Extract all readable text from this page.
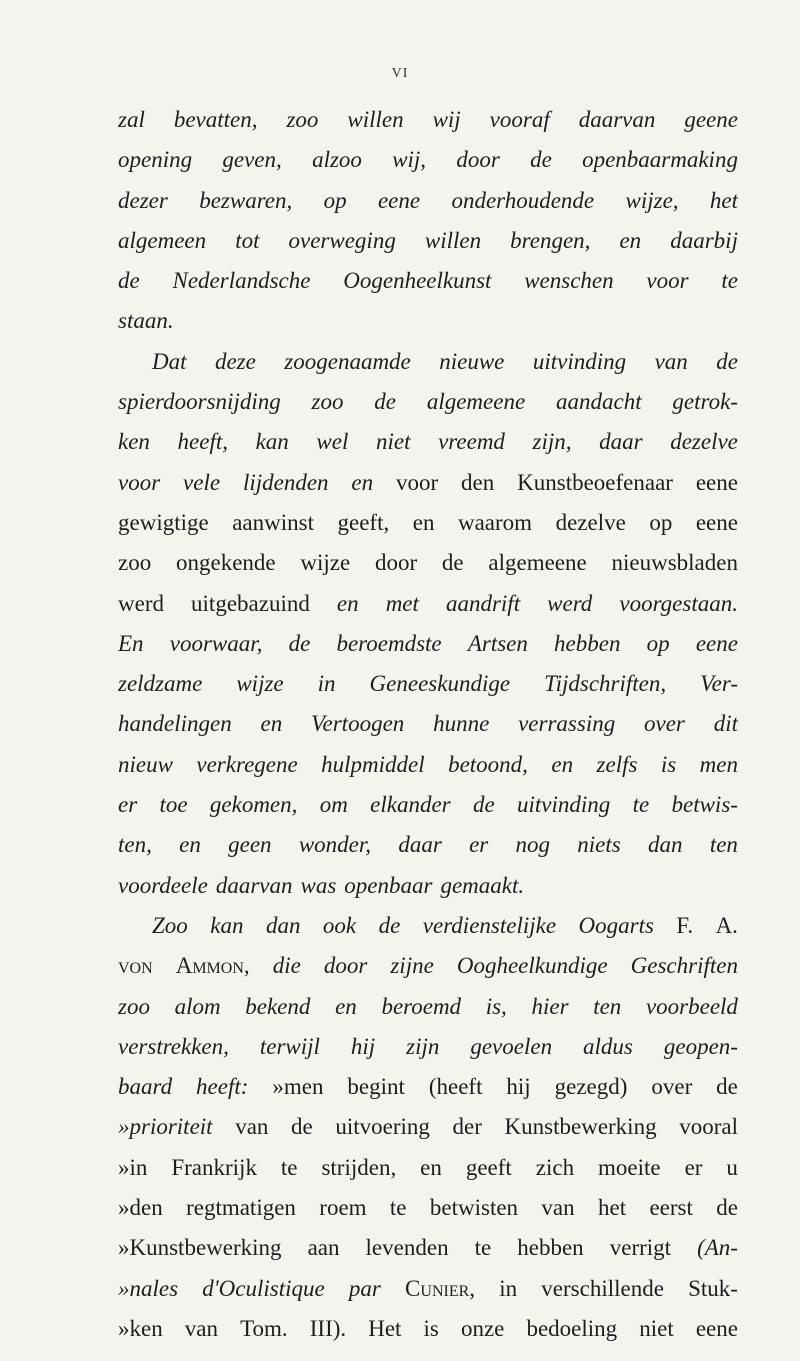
VI
zal bevatten, zoo willen wij vooraf daarvan geene
opening geven, alzoo wij, door de openbaarmaking
dezer bezwaren, op eene onderhoudende wijze, het
algemeen tot overweging willen brengen, en daarbij
de Nederlandsche Oogenheelkunst wenschen voor te
staan.
Dat deze zoogenaamde nieuwe uitvinding van de
spierdoorsnijding zoo de algemeene aandacht getrok-
ken heeft, kan wel niet vreemd zijn, daar dezelve
voor vele lijdenden en voor den Kunstbeoefenaar eene
gewigtige aanwinst geeft, en waarom dezelve op eene
zoo ongekende wijze door de algemeene nieuwsbladen
werd uitgebazuind en met aandrift werd voorgestaan.
En voorwaar, de beroemdste Artsen hebben op eene
zeldzame wijze in Geneeskundige Tijdschriften, Ver-
handelingen en Vertoogen hunne verrassing over dit
nieuw verkregene hulpmiddel betoond, en zelfs is men
er toe gekomen, om elkander de uitvinding te betwis-
ten, en geen wonder, daar er nog niets dan ten
voordeele daarvan was openbaar gemaakt.
Zoo kan dan ook de verdienstelijke Oogarts F. A.
von Ammon, die door zijne Oogheelkundige Geschriften
zoo alom bekend en beroemd is, hier ten voorbeeld
verstrekken, terwijl hij zijn gevoelen aldus geopen-
baard heeft: »men begint (heeft hij gezegd) over de
»prioriteit van de uitvoering der Kunstbewerking vooral
»in Frankrijk te strijden, en geeft zich moeite er u
»den regtmatigen roem te betwisten van het eerst de
»Kunstbewerking aan levenden te hebben verrigt (An-
»nales d'Oculistique par Cunier, in verschillende Stuk-
»ken van Tom. III). Het is onze bedoeling niet eene
